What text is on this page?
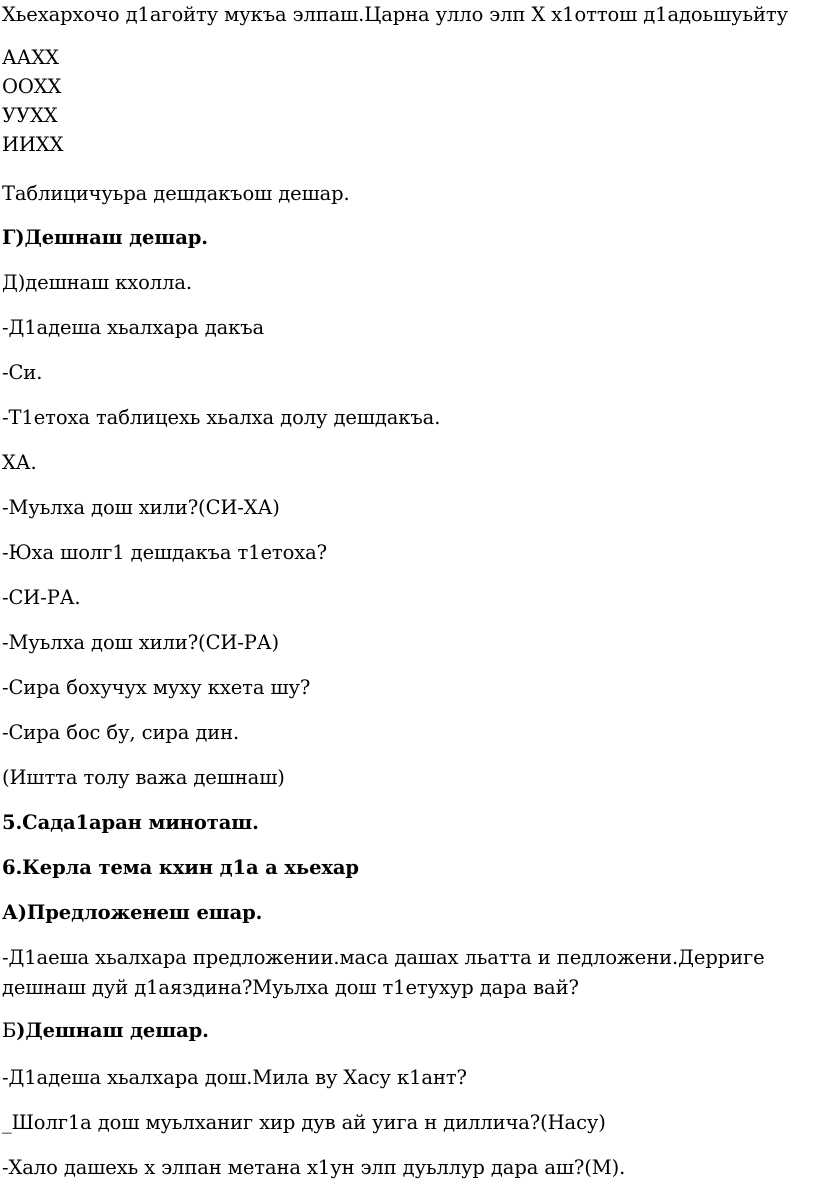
Хьехархочо д1агойту мукъа элпаш.Царна улло элп Х х1оттош д1адоьшуьйту
ААХХ
ООХХ
УУХХ
ИИХХ
Таблицичуьра дешдакъош дешар.
Г)Дешнаш дешар.
Д)дешнаш кхолла.
-Д1адеша хьалхара дакъа
-Си.
-Т1етоха таблицехь хьалха долу дешдакъа.
ХА.
-Муьлха дош хили?(СИ-ХА)
-Юха шолг1 дешдакъа т1етоха?
-СИ-РА.
-Муьлха дош хили?(СИ-РА)
-Сира бохучух муху кхета шу?
-Сира бос бу, сира дин.
(Иштта толу важа дешнаш)
5.Сада1аран миноташ.
6.Керла тема кхин д1а а хьехар
А)Предложенеш ешар.
-Д1аеша хьалхара предложении.маса дашах льатта и педложени.Дерриге дешнаш дуй д1аяздина?Муьлха дош т1етухур дара вай?
Б)Дешнаш дешар.
-Д1адеша хьалхара дош.Мила ву Хасу к1ант?
_Шолг1а дош муьлханиг хир дув ай уига н диллича?(Насу)
-Хало дашехь х элпан метана х1ун элп дуьллур дара аш?(М).
